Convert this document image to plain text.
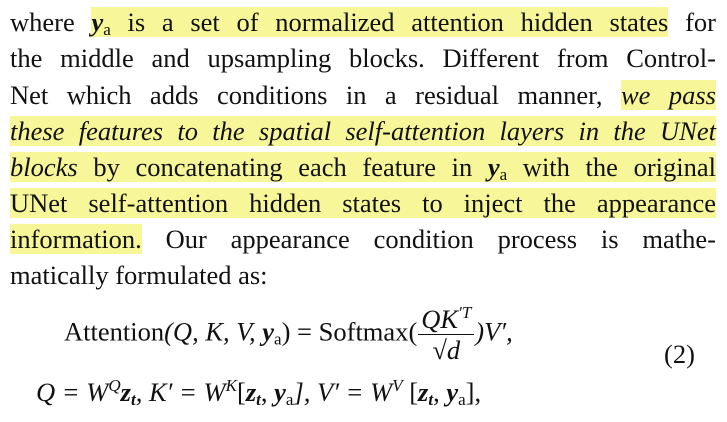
where $y_a$ is a set of normalized attention hidden states for
the middle and upsampling blocks. Different from Control-
Net which adds conditions in a residual manner, we pass
these features to the spatial self-attention layers in the UNet
blocks by concatenating each feature in $y_a$ with the original
UNet self-attention hidden states to inject the appearance
information. Our appearance condition process is mathe-
matically formulated as:
Attention(Q, K, V, $y_a$) = Softmax( $\frac{QK^{'T}}{√d} )V'$,
(2)
$Q = W^Qz_t$, $K' = W^K[z_t$, $y_a$], $V' = W^V$ [$z_t$, $y_a$],
